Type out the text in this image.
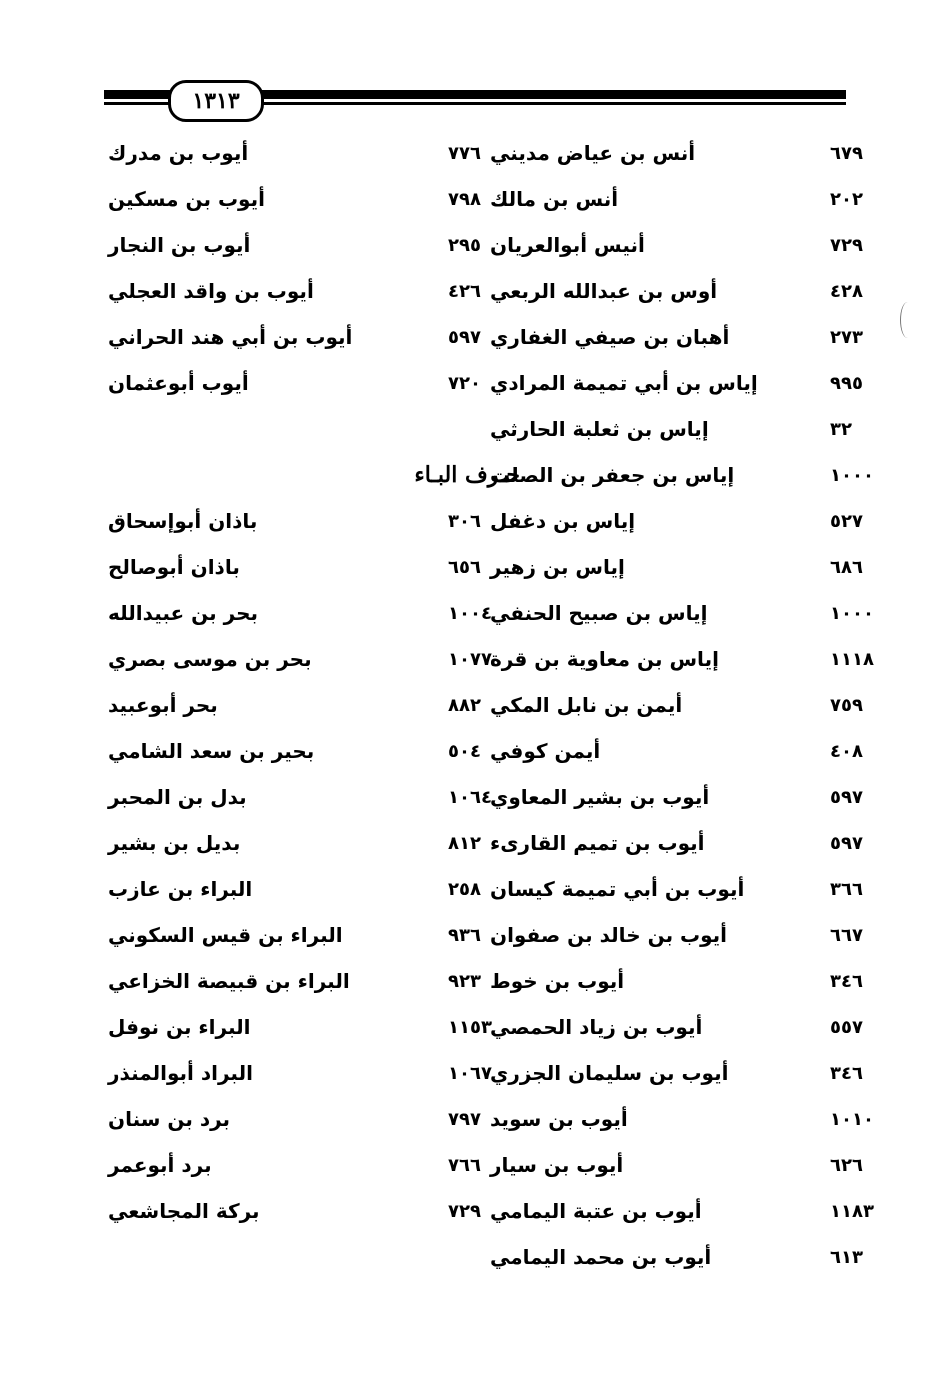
١٣١٣
أنس بن عياض مديني	٦٧٩
أنس بن مالك	٢٠٢
أنيس أبوالعريان	٧٢٩
أوس بن عبدالله الربعي	٤٢٨
أهبان بن صيفي الغفاري	٢٧٣
إياس بن أبي تميمة المرادي	٩٩٥
إياس بن ثعلبة الحارثي	٣٢
إياس بن جعفر بن الصلت	١٠٠٠
إياس بن دغفل	٥٢٧
إياس بن زهير	٦٨٦
إياس بن صبيح الحنفي	١٠٠٠
إياس بن معاوية بن قرة	١١١٨
أيمن بن نابل المكي	٧٥٩
أيمن كوفي	٤٠٨
أيوب بن بشير المعاوي	٥٩٧
أيوب بن تميم القارىء	٥٩٧
أيوب بن أبي تميمة كيسان	٣٦٦
أيوب بن خالد بن صفوان	٦٦٧
أيوب بن خوط	٣٤٦
أيوب بن زياد الحمصي	٥٥٧
أيوب بن سليمان الجزري	٣٤٦
أيوب بن سويد	١٠١٠
أيوب بن سيار	٦٢٦
أيوب بن عتبة اليمامي	١١٨٣
أيوب بن محمد اليمامي	٦١٣
أيوب بن مدرك	٧٧٦
أيوب بن مسكين	٧٩٨
أيوب بن النجار	٢٩٥
أيوب بن واقد العجلي	٤٢٦
أيوب بن أبي هند الحراني	٥٩٧
أيوب أبوعثمان	٧٢٠
حـرف البـاء
باذان أبوإسحاق	٣٠٦
باذان أبوصالح	٦٥٦
بحر بن عبيدالله	١٠٠٤
بحر بن موسى بصري	١٠٧٧
بحر أبوعبيد	٨٨٢
بحير بن سعد الشامي	٥٠٤
بدل بن المحبر	١٠٦٤
بديل بن بشير	٨١٢
البراء بن عازب	٢٥٨
البراء بن قيس السكوني	٩٣٦
البراء بن قبيصة الخزاعي	٩٢٣
البراء بن نوفل	١١٥٣
البراد أبوالمنذر	١٠٦٧
برد بن سنان	٧٩٧
برد أبوعمر	٧٦٦
بركة المجاشعي	٧٢٩
